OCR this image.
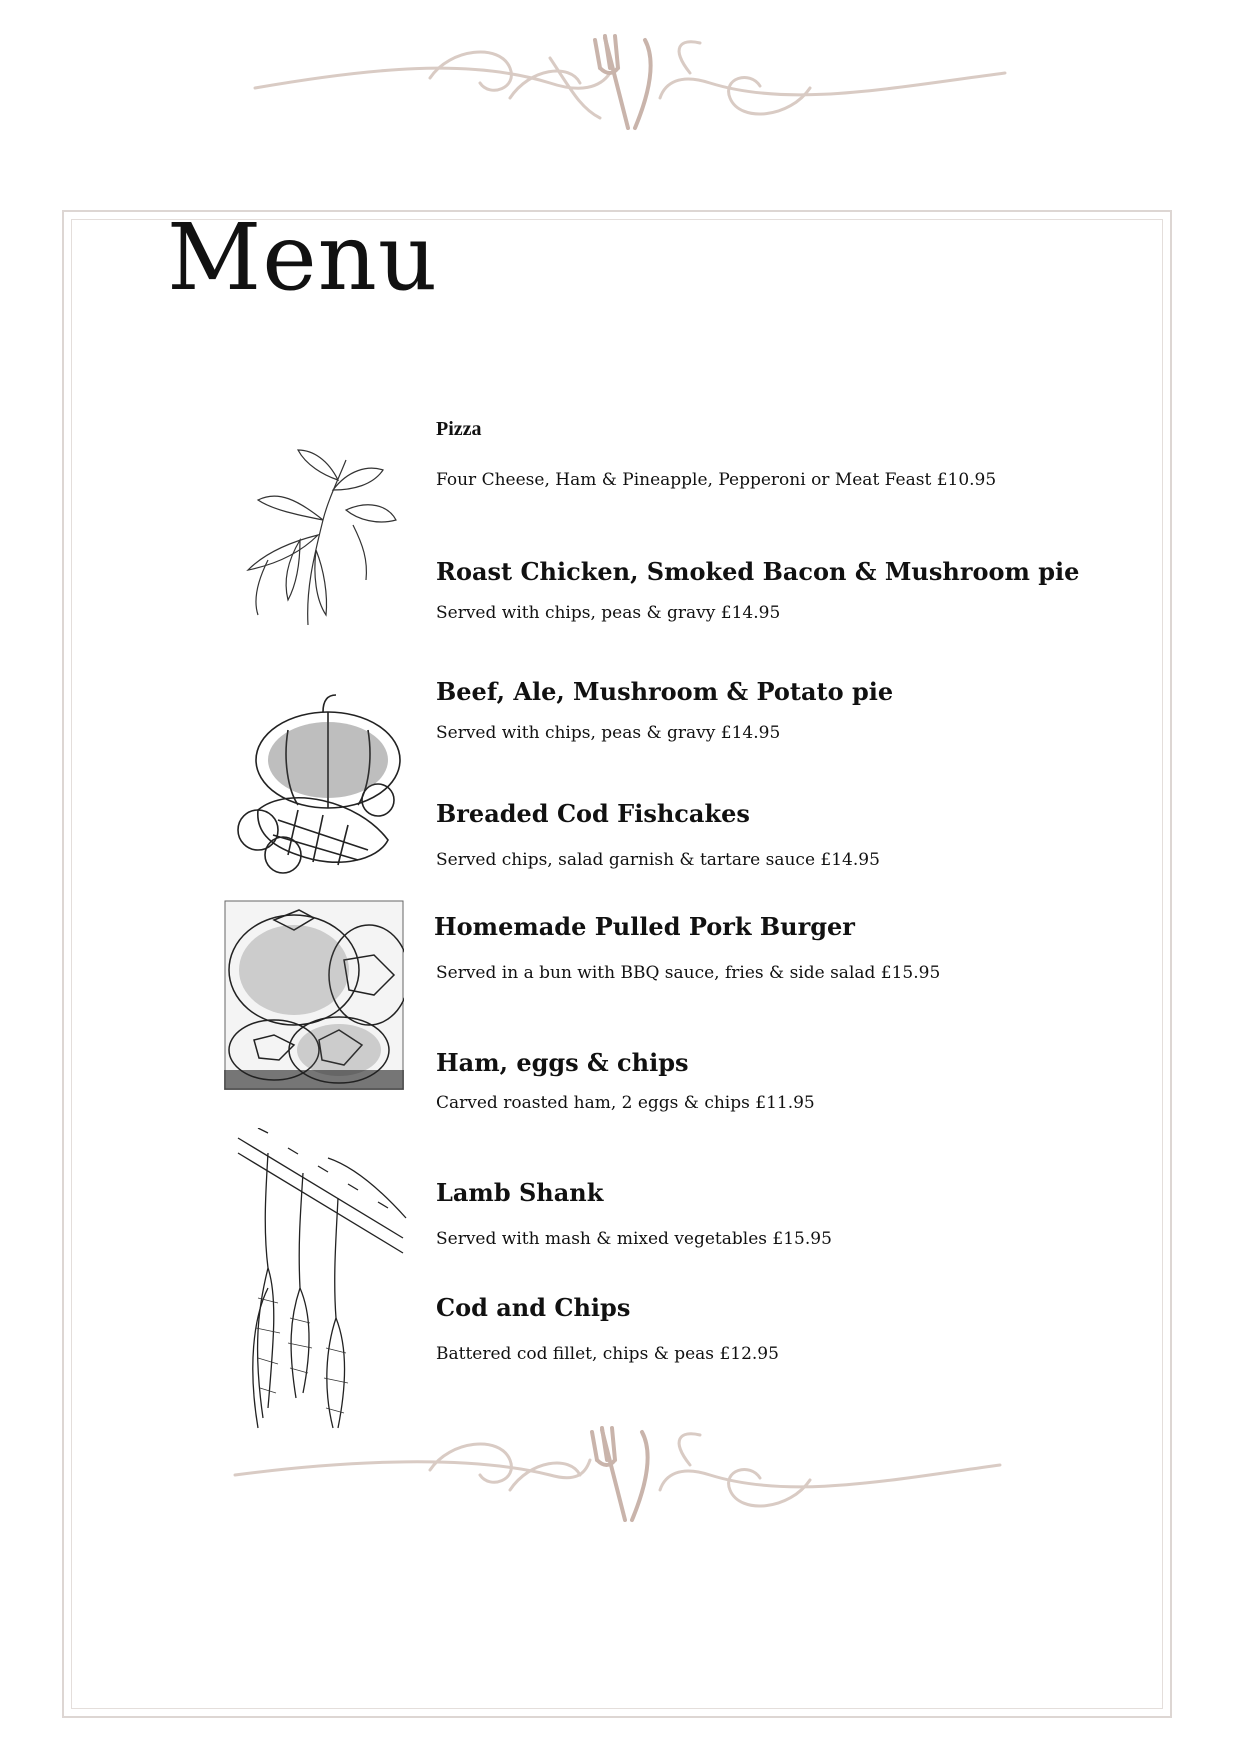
Menu
Pizza
Four Cheese, Ham & Pineapple, Pepperoni or Meat Feast £10.95
Roast Chicken, Smoked Bacon & Mushroom pie
Served with chips, peas & gravy £14.95
Beef, Ale, Mushroom & Potato pie
Served with chips, peas & gravy £14.95
Breaded Cod Fishcakes
Served chips, salad garnish & tartare sauce £14.95
Homemade Pulled Pork Burger
Served in a bun with BBQ sauce, fries & side salad £15.95
Ham, eggs & chips
Carved roasted ham, 2 eggs & chips £11.95
Lamb Shank
Served with mash & mixed vegetables £15.95
Cod and Chips
Battered cod fillet, chips & peas £12.95
